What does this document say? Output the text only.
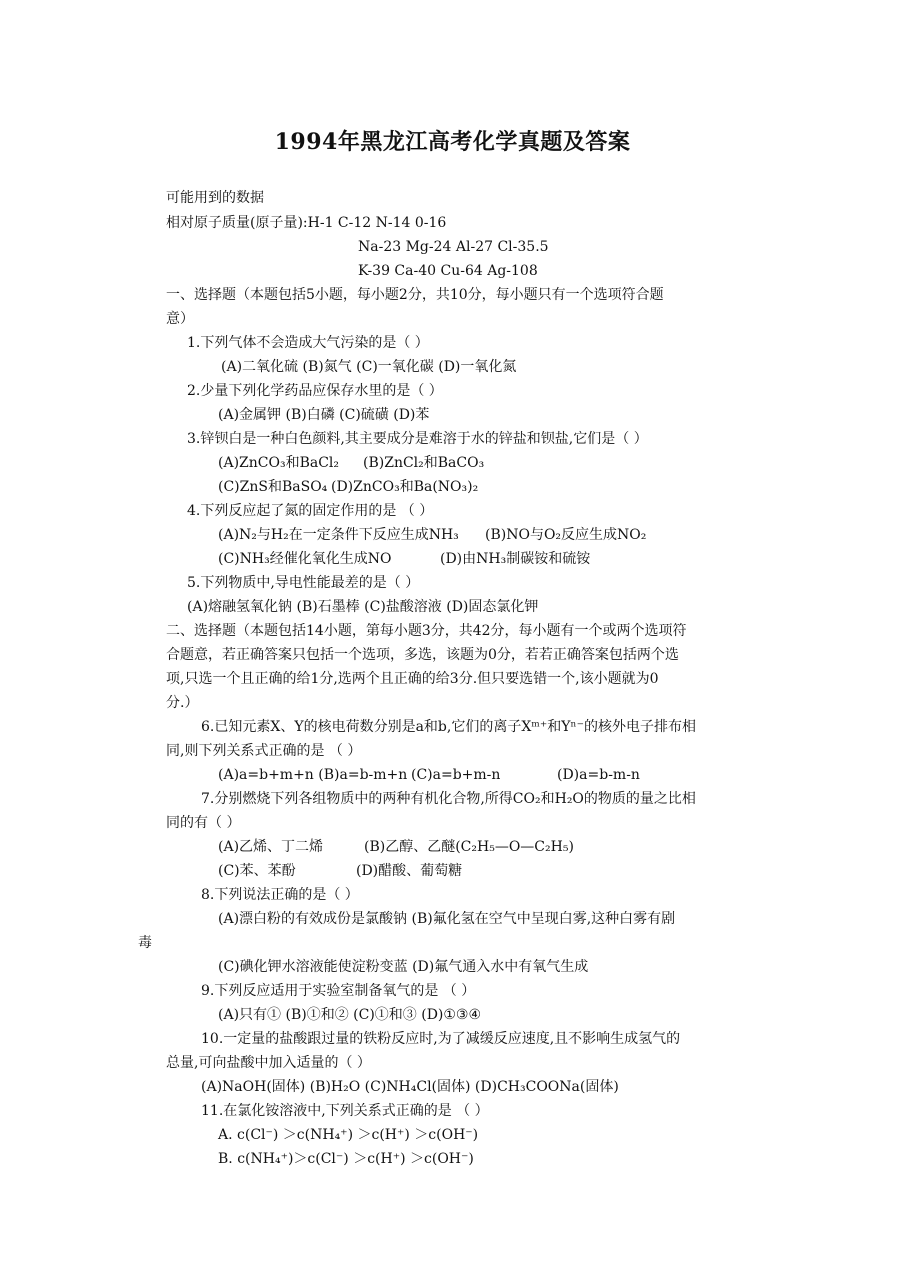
1994年黑龙江高考化学真题及答案
可能用到的数据
相对原子质量(原子量):H-1 C-12 N-14 0-16
Na-23 Mg-24 Al-27 Cl-35.5
K-39 Ca-40 Cu-64 Ag-108
一、选择题（本题包括5小题，每小题2分，共10分，每小题只有一个选项符合题
意）
1.下列气体不会造成大气污染的是（ ）
(A)二氧化硫 (B)氮气 (C)一氧化碳 (D)一氧化氮
2.少量下列化学药品应保存水里的是（ ）
(A)金属钾 (B)白磷 (C)硫磺 (D)苯
3.锌钡白是一种白色颜料,其主要成分是难溶于水的锌盐和钡盐,它们是（ ）
(A)ZnCO₃和BaCl₂ (B)ZnCl₂和BaCO₃
(C)ZnS和BaSO₄ (D)ZnCO₃和Ba(NO₃)₂
4.下列反应起了氮的固定作用的是 （ ）
(A)N₂与H₂在一定条件下反应生成NH₃ (B)NO与O₂反应生成NO₂
(C)NH₃经催化氧化生成NO	(D)由NH₃制碳铵和硫铵
5.下列物质中,导电性能最差的是（ ）
(A)熔融氢氧化钠 (B)石墨棒 (C)盐酸溶液 (D)固态氯化钾
二、选择题（本题包括14小题，第每小题3分，共42分，每小题有一个或两个选项符
合题意，若正确答案只包括一个选项，多选，该题为0分，若若正确答案包括两个选
项,只选一个且正确的给1分,选两个且正确的给3分.但只要选错一个,该小题就为0
分.）
6.已知元素X、Y的核电荷数分别是a和b,它们的离子Xᵐ⁺和Yⁿ⁻的核外电子排布相
同,则下列关系式正确的是 （ ）
(A)a=b+m+n (B)a=b-m+n (C)a=b+m-n	(D)a=b-m-n
7.分别燃烧下列各组物质中的两种有机化合物,所得CO₂和H₂O的物质的量之比相
同的有（ ）
(A)乙烯、丁二烯	(B)乙醇、乙醚(C₂H₅—O—C₂H₅)
(C)苯、苯酚	(D)醋酸、葡萄糖
8.下列说法正确的是（ ）
(A)漂白粉的有效成份是氯酸钠 (B)氟化氢在空气中呈现白雾,这种白雾有剧
毒
(C)碘化钾水溶液能使淀粉变蓝 (D)氟气通入水中有氧气生成
9.下列反应适用于实验室制备氧气的是 （ ）
(A)只有① (B)①和② (C)①和③ (D)①③④
10.一定量的盐酸跟过量的铁粉反应时,为了减缓反应速度,且不影响生成氢气的
总量,可向盐酸中加入适量的（ ）
(A)NaOH(固体) (B)H₂O (C)NH₄Cl(固体) (D)CH₃COONa(固体)
11.在氯化铵溶液中,下列关系式正确的是 （ ）
A. c(Cl⁻) ＞c(NH₄⁺) ＞c(H⁺) ＞c(OH⁻)
B. c(NH₄⁺)＞c(Cl⁻) ＞c(H⁺) ＞c(OH⁻)
